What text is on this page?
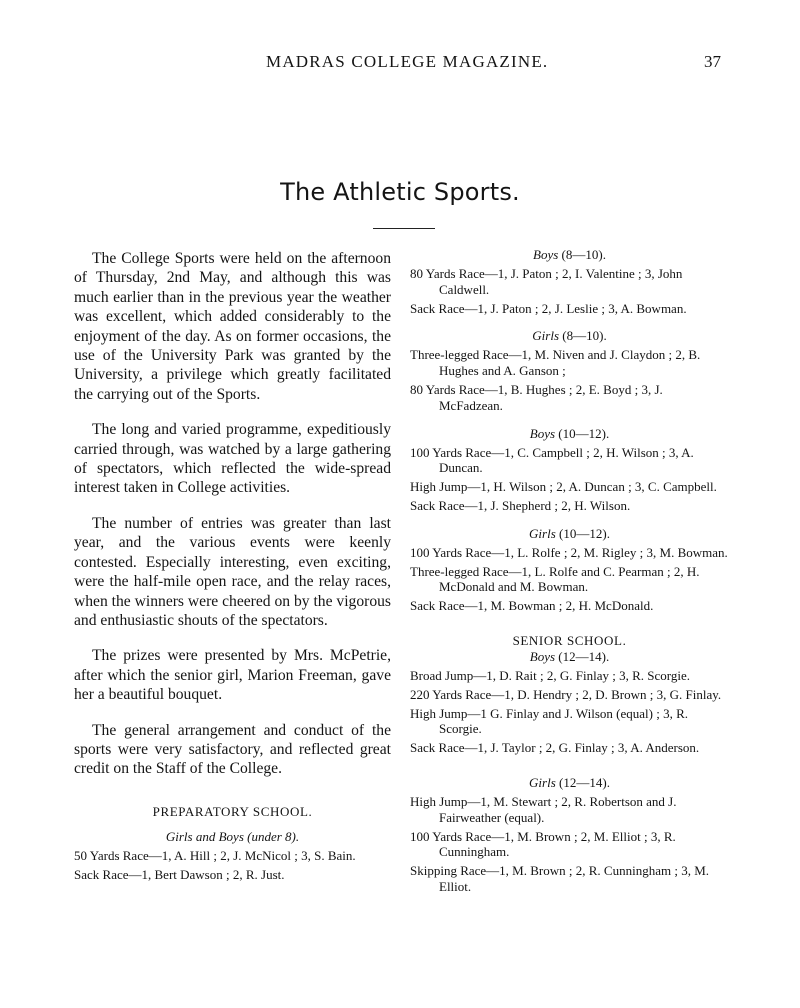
MADRAS COLLEGE MAGAZINE.	37
The Athletic Sports.

The College Sports were held on the afternoon of Thursday, 2nd May, and although this was much earlier than in the previous year the weather was excellent, which added considerably to the enjoyment of the day. As on former occasions, the use of the University Park was granted by the University, a privilege which greatly facilitated the carrying out of the Sports.

The long and varied programme, expeditiously carried through, was watched by a large gathering of spectators, which reflected the wide-spread interest taken in College activities.

The number of entries was greater than last year, and the various events were keenly contested. Especially interesting, even exciting, were the half-mile open race, and the relay races, when the winners were cheered on by the vigorous and enthusiastic shouts of the spectators.

The prizes were presented by Mrs. McPetrie, after which the senior girl, Marion Freeman, gave her a beautiful bouquet.

The general arrangement and conduct of the sports were very satisfactory, and reflected great credit on the Staff of the College.

PREPARATORY SCHOOL.

Girls and Boys (under 8).

50 Yards Race—1, A. Hill ; 2, J. McNicol ; 3, S. Bain.

Sack Race—1, Bert Dawson ; 2, R. Just.

Boys (8—10).

80 Yards Race—1, J. Paton ; 2, I. Valentine ; 3, John Caldwell.

Sack Race—1, J. Paton ; 2, J. Leslie ; 3, A. Bowman.

Girls (8—10).

Three-legged Race—1, M. Niven and J. Claydon ; 2, B. Hughes and A. Ganson ;

80 Yards Race—1, B. Hughes ; 2, E. Boyd ; 3, J. McFadzean.

Boys (10—12).

100 Yards Race—1, C. Campbell ; 2, H. Wilson ; 3, A. Duncan.

High Jump—1, H. Wilson ; 2, A. Duncan ; 3, C. Campbell.

Sack Race—1, J. Shepherd ; 2, H. Wilson.

Girls (10—12).

100 Yards Race—1, L. Rolfe ; 2, M. Rigley ; 3, M. Bowman.

Three-legged Race—1, L. Rolfe and C. Pearman ; 2, H. McDonald and M. Bowman.

Sack Race—1, M. Bowman ; 2, H. McDonald.

SENIOR SCHOOL.

Boys (12—14).

Broad Jump—1, D. Rait ; 2, G. Finlay ; 3, R. Scorgie.

220 Yards Race—1, D. Hendry ; 2, D. Brown ; 3, G. Finlay.

High Jump—1 G. Finlay and J. Wilson (equal) ; 3, R. Scorgie.

Sack Race—1, J. Taylor ; 2, G. Finlay ; 3, A. Anderson.

Girls (12—14).

High Jump—1, M. Stewart ; 2, R. Robertson and J. Fairweather (equal).

100 Yards Race—1, M. Brown ; 2, M. Elliot ; 3, R. Cunningham.

Skipping Race—1, M. Brown ; 2, R. Cunningham ; 3, M. Elliot.
